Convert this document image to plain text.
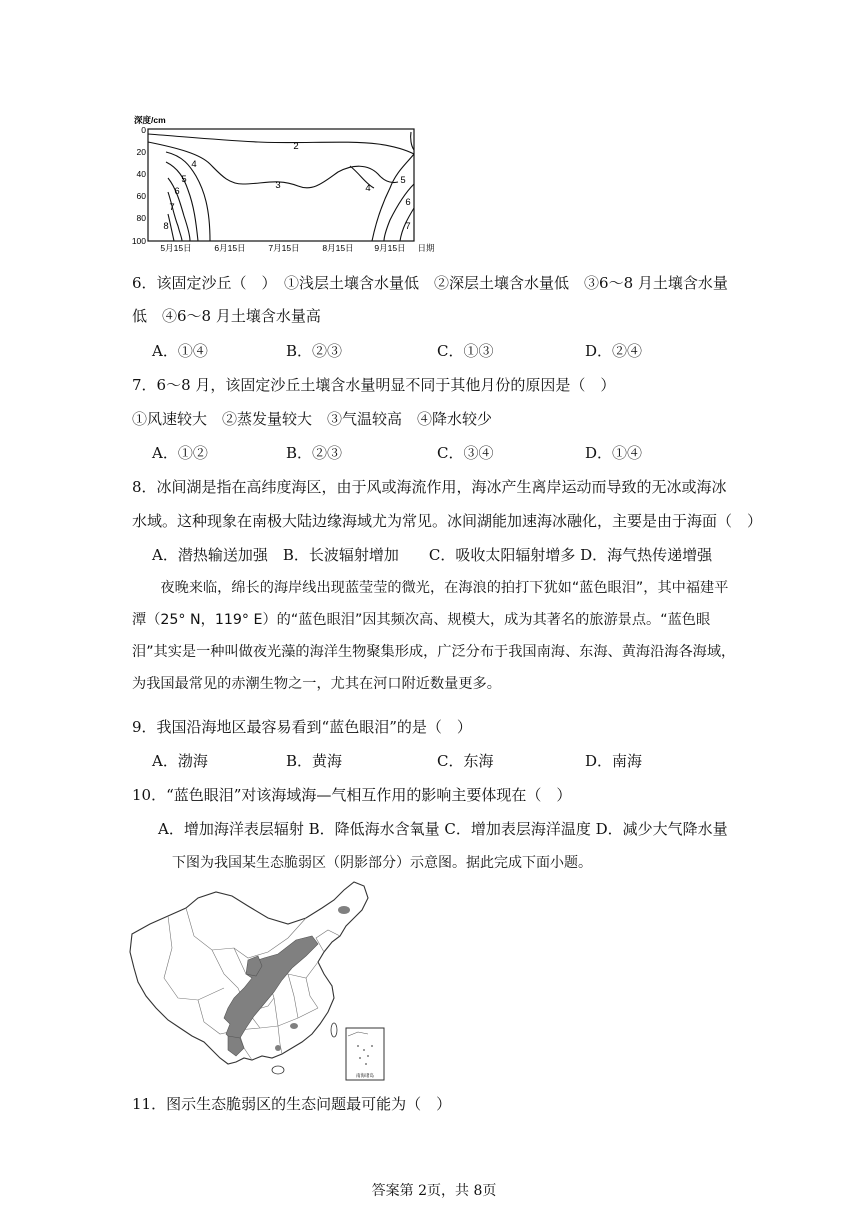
深度/cm
0
20
40
60
80
100
5月15日	6月15日	7月15日	8月15日 9月15日 日期
2
3
4
4
5	5
6
6
7
7
8
6．该固定沙丘（　）　①浅层土壤含水量低　②深层土壤含水量低　③6～8 月土壤含水量
低　④6～8 月土壤含水量高
A．①④	B．②③	C．①③	D．②④
7．6～8 月，该固定沙丘土壤含水量明显不同于其他月份的原因是（　）
①风速较大　②蒸发量较大　③气温较高　④降水较少
A．①②	B．②③	C．③④	D．①④
8．冰间湖是指在高纬度海区，由于风或海流作用，海冰产生离岸运动而导致的无冰或海冰
水域。这种现象在南极大陆边缘海域尤为常见。冰间湖能加速海冰融化，主要是由于海面（　）
A．潜热输送加强　B．长波辐射增加　　C．吸收太阳辐射增多 D．海气热传递增强
夜晚来临，绵长的海岸线出现蓝莹莹的微光，在海浪的拍打下犹如“蓝色眼泪”，其中福建平潭（25° N，119° E）的“蓝色眼泪”因其频次高、规模大，成为其著名的旅游景点。“蓝色眼泪”其实是一种叫做夜光藻的海洋生物聚集形成，广泛分布于我国南海、东海、黄海沿海各海域，为我国最常见的赤潮生物之一，尤其在河口附近数量更多。
9．我国沿海地区最容易看到“蓝色眼泪”的是（　）
A．渤海	B．黄海	C．东海	D．南海
10．“蓝色眼泪”对该海域海—气相互作用的影响主要体现在（　）
A．增加海洋表层辐射 B．降低海水含氧量 C．增加表层海洋温度 D．减少大气降水量
下图为我国某生态脆弱区（阴影部分）示意图。据此完成下面小题。
南海诸岛
11．图示生态脆弱区的生态问题最可能为（　）
答案第 2页，共 8页
